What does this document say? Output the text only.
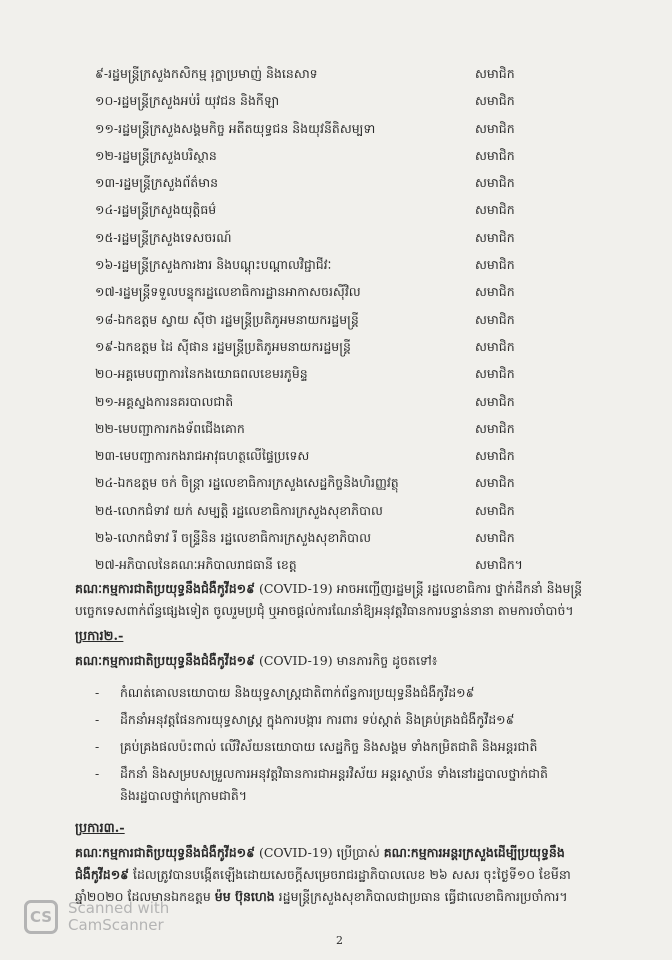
៩-រដ្ឋមន្ត្រីក្រសួងកសិកម្ម រុក្ខាប្រមាញ់ និងនេសាទ	សមាជិក
១០-រដ្ឋមន្ត្រីក្រសួងអប់រំ យុវជន និងកីឡា	សមាជិក
១១-រដ្ឋមន្ត្រីក្រសួងសង្គមកិច្ច អតីតយុទ្ធជន និងយុវនីតិសម្បទា	សមាជិក
១២-រដ្ឋមន្ត្រីក្រសួងបរិស្ថាន	សមាជិក
១៣-រដ្ឋមន្ត្រីក្រសួងព័ត៌មាន	សមាជិក
១៤-រដ្ឋមន្ត្រីក្រសួងយុត្តិធម៌	សមាជិក
១៥-រដ្ឋមន្ត្រីក្រសួងទេសចរណ៍	សមាជិក
១៦-រដ្ឋមន្ត្រីក្រសួងការងារ និងបណ្តុះបណ្តាលវិជ្ជាជីវៈ	សមាជិក
១៧-រដ្ឋមន្ត្រីទទួលបន្ទុករដ្ឋលេខាធិការដ្ឋានអាកាសចរស៊ីវិល	សមាជិក
១៨-ឯកឧត្តម ស្វាយ ស៊ីថា រដ្ឋមន្ត្រីប្រតិភូអមនាយករដ្ឋមន្ត្រី	សមាជិក
១៩-ឯកឧត្តម ដៃ ស៊ីផាន រដ្ឋមន្ត្រីប្រតិភូអមនាយករដ្ឋមន្ត្រី	សមាជិក
២០-អគ្គមេបញ្ជាការនៃកងយោធពលខេមរភូមិន្ទ	សមាជិក
២១-អគ្គស្នងការនគរបាលជាតិ	សមាជិក
២២-មេបញ្ជាការកងទ័ពជើងគោក	សមាជិក
២៣-មេបញ្ជាការកងរាជអាវុធហត្ថលើផ្ទៃប្រទេស	សមាជិក
២៤-ឯកឧត្តម ចក់ ចិន្ត្រា រដ្ឋលេខាធិការក្រសួងសេដ្ឋកិច្ចនិងហិរញ្ញវត្ថុ	សមាជិក
២៥-លោកជំទាវ យក់ សម្បត្តិ រដ្ឋលេខាធិការក្រសួងសុខាភិបាល	សមាជិក
២៦-លោកជំទាវ រី ចន្ទ្រីនិន រដ្ឋលេខាធិការក្រសួងសុខាភិបាល	សមាជិក
២៧-អភិបាលនៃគណៈអភិបាលរាជធានី ខេត្ត	សមាជិក។
គណៈកម្មការជាតិប្រយុទ្ធនឹងជំងឺកូវីដ១៩ (COVID-19) អាចអញ្ជើញរដ្ឋមន្ត្រី រដ្ឋលេខាធិការ ថ្នាក់ដឹកនាំ និងមន្ត្រីបច្ចេកទេសពាក់ព័ន្ធផ្សេងទៀត ចូលរួមប្រជុំ ឬអាចផ្តល់ការណែនាំឱ្យអនុវត្តវិធានការបន្ទាន់នានា តាមការចាំបាច់។
ប្រការ២.-
គណៈកម្មការជាតិប្រយុទ្ធនឹងជំងឺកូវីដ១៩ (COVID-19) មានភារកិច្ច ដូចតទៅ៖
-	កំណត់គោលនយោបាយ និងយុទ្ធសាស្ត្រជាតិពាក់ព័ន្ធការប្រយុទ្ធនឹងជំងឺកូវីដ១៩
-	ដឹកនាំអនុវត្តផែនការយុទ្ធសាស្ត្រ ក្នុងការបង្ការ ការពារ ទប់ស្កាត់ និងគ្រប់គ្រងជំងឺកូវីដ១៩
-	គ្រប់គ្រងផលប៉ះពាល់ លើវិស័យនយោបាយ សេដ្ឋកិច្ច និងសង្គម ទាំងកម្រិតជាតិ និងអន្តរជាតិ
-	ដឹកនាំ និងសម្របសម្រួលការអនុវត្តវិធានការជាអន្តរវិស័យ អន្តរស្ថាប័ន ទាំងនៅរដ្ឋបាលថ្នាក់ជាតិ និងរដ្ឋបាលថ្នាក់ក្រោមជាតិ។
ប្រការ៣.-
គណៈកម្មការជាតិប្រយុទ្ធនឹងជំងឺកូវីដ១៩ (COVID-19) ប្រើប្រាស់ គណៈកម្មការអន្តរក្រសួងដើម្បីប្រយុទ្ធនឹងជំងឺកូវីដ១៩ ដែលត្រូវបានបង្កើតឡើងដោយសេចក្តីសម្រេចរាជរដ្ឋាភិបាលលេខ ២៦ សសរ ចុះថ្ងៃទី១០ ខែមីនា ឆ្នាំ២០២០ ដែលមានឯកឧត្តម ម៉ម ប៊ុនហេង រដ្ឋមន្ត្រីក្រសួងសុខាភិបាលជាប្រធាន ធ្វើជាលេខាធិការប្រចាំការ។
CS	Scanned with
CamScanner
2
